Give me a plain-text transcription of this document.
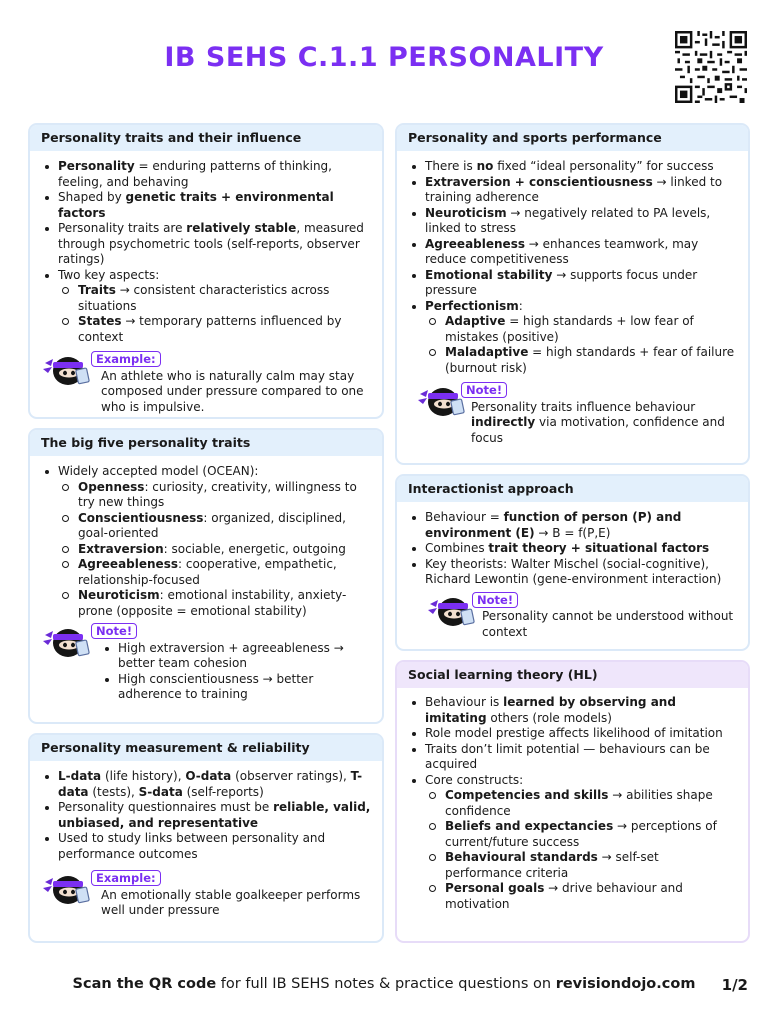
IB SEHS C.1.1 PERSONALITY
Personality traits and their influence
Personality = enduring patterns of thinking, feeling, and behaving
Shaped by genetic traits + environmental factors
Personality traits are relatively stable, measured through psychometric tools (self-reports, observer ratings)
Two key aspects:
Traits → consistent characteristics across situations
States → temporary patterns influenced by context
Example:
An athlete who is naturally calm may stay composed under pressure compared to one who is impulsive.
The big five personality traits
Widely accepted model (OCEAN):
Openness: curiosity, creativity, willingness to try new things
Conscientiousness: organized, disciplined, goal-oriented
Extraversion: sociable, energetic, outgoing
Agreeableness: cooperative, empathetic, relationship-focused
Neuroticism: emotional instability, anxiety-prone (opposite = emotional stability)
Note!
High extraversion + agreeableness → better team cohesion
High conscientiousness → better adherence to training
Personality measurement & reliability
L-data (life history), O-data (observer ratings), T-data (tests), S-data (self-reports)
Personality questionnaires must be reliable, valid, unbiased, and representative
Used to study links between personality and performance outcomes
Example:
An emotionally stable goalkeeper performs well under pressure
Personality and sports performance
There is no fixed “ideal personality” for success
Extraversion + conscientiousness → linked to training adherence
Neuroticism → negatively related to PA levels, linked to stress
Agreeableness → enhances teamwork, may reduce competitiveness
Emotional stability → supports focus under pressure
Perfectionism:
Adaptive = high standards + low fear of mistakes (positive)
Maladaptive = high standards + fear of failure (burnout risk)
Note!
Personality traits influence behaviour indirectly via motivation, confidence and focus
Interactionist approach
Behaviour = function of person (P) and environment (E) → B = f(P,E)
Combines trait theory + situational factors
Key theorists: Walter Mischel (social-cognitive), Richard Lewontin (gene-environment interaction)
Note!
Personality cannot be understood without context
Social learning theory (HL)
Behaviour is learned by observing and imitating others (role models)
Role model prestige affects likelihood of imitation
Traits don’t limit potential — behaviours can be acquired
Core constructs:
Competencies and skills → abilities shape confidence
Beliefs and expectancies → perceptions of current/future success
Behavioural standards → self-set performance criteria
Personal goals → drive behaviour and motivation
Scan the QR code for full IB SEHS notes & practice questions on revisiondojo.com	1/2
